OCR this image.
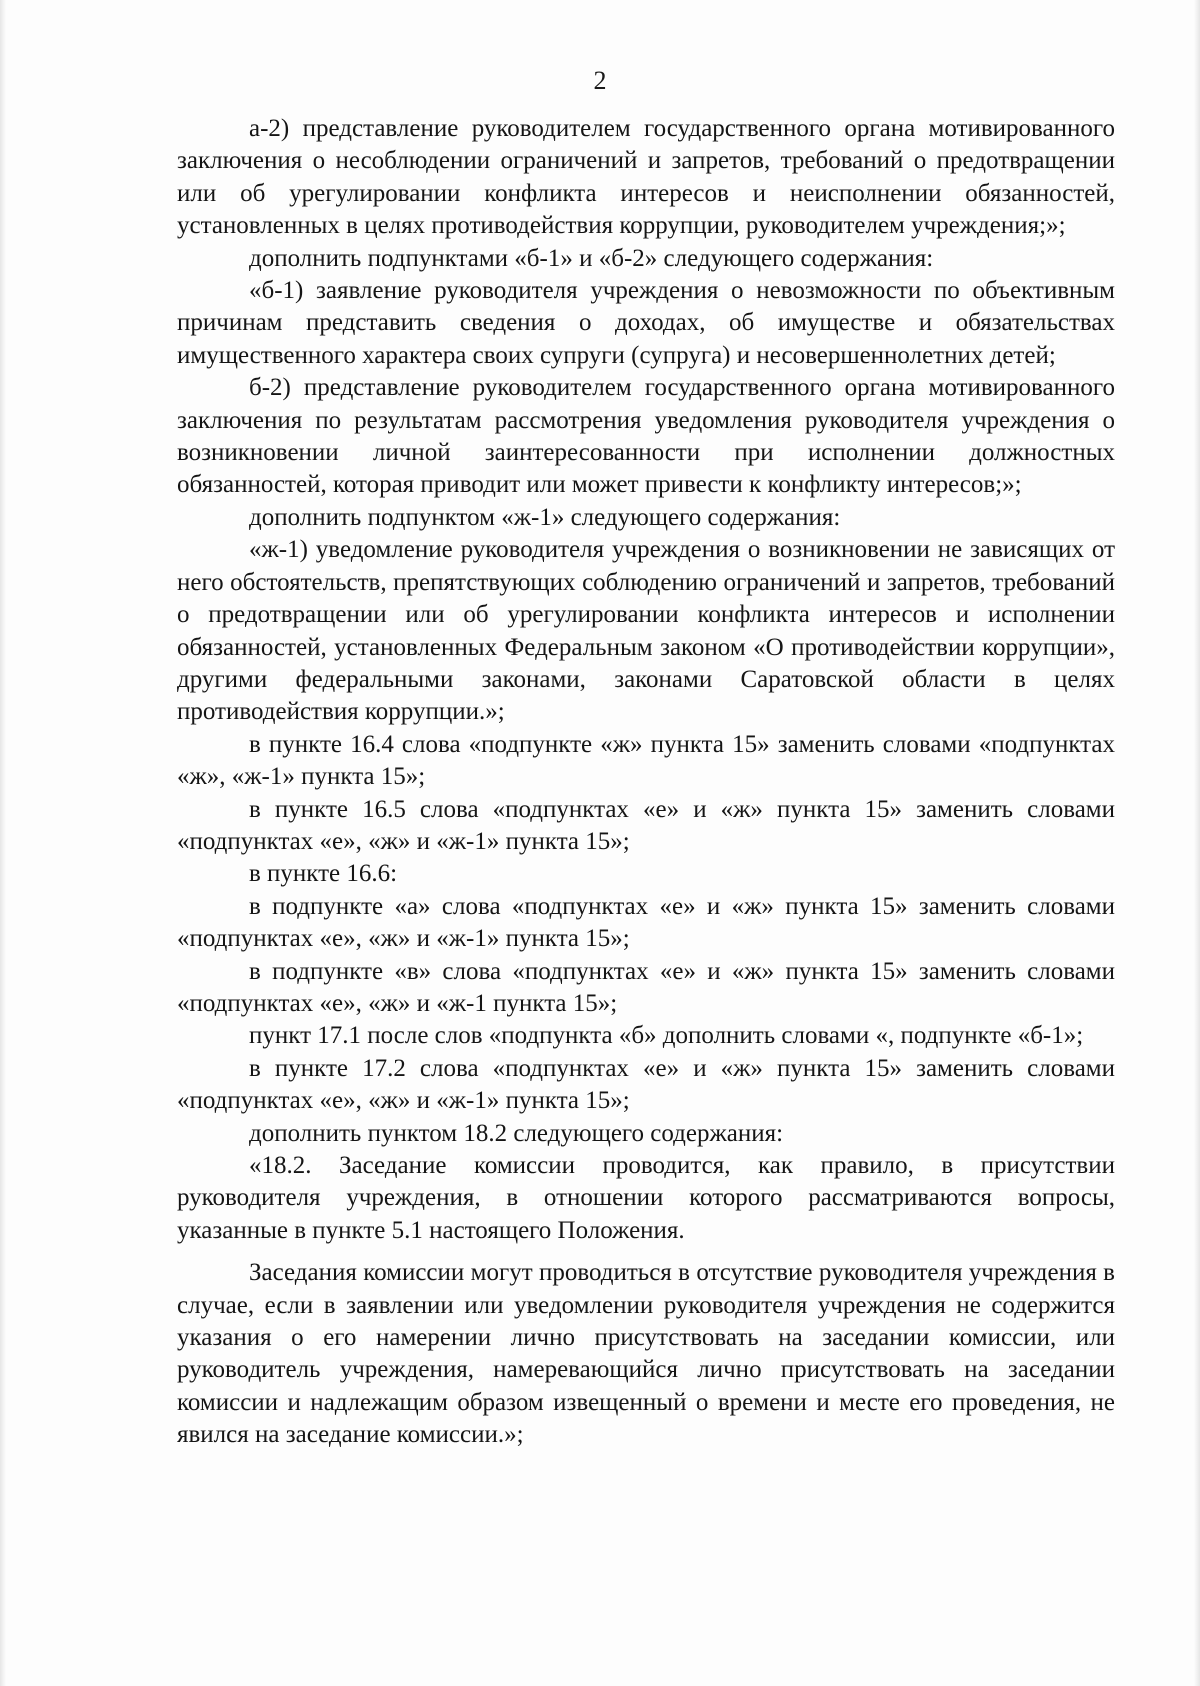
2

а-2) представление руководителем государственного органа мотивированного заключения о несоблюдении ограничений и запретов, требований о предотвращении или об урегулировании конфликта интересов и неисполнении обязанностей, установленных в целях противодействия коррупции, руководителем учреждения;»;

дополнить подпунктами «б-1» и «б-2» следующего содержания:

«б-1) заявление руководителя учреждения о невозможности по объективным причинам представить сведения о доходах, об имуществе и обязательствах имущественного характера своих супруги (супруга) и несовершеннолетних детей;

б-2) представление руководителем государственного органа мотивированного заключения по результатам рассмотрения уведомления руководителя учреждения о возникновении личной заинтересованности при исполнении должностных обязанностей, которая приводит или может привести к конфликту интересов;»;

дополнить подпунктом «ж-1» следующего содержания:

«ж-1) уведомление руководителя учреждения о возникновении не зависящих от него обстоятельств, препятствующих соблюдению ограничений и запретов, требований о предотвращении или об урегулировании конфликта интересов и исполнении обязанностей, установленных Федеральным законом «О противодействии коррупции», другими федеральными законами, законами Саратовской области в целях противодействия коррупции.»;

в пункте 16.4 слова «подпункте «ж» пункта 15» заменить словами «подпунктах «ж», «ж-1» пункта 15»;

в пункте 16.5 слова «подпунктах «е» и «ж» пункта 15» заменить словами «подпунктах «е», «ж» и «ж-1» пункта 15»;

в пункте 16.6:

в подпункте «а» слова «подпунктах «е» и «ж» пункта 15» заменить словами «подпунктах «е», «ж» и «ж-1» пункта 15»;

в подпункте «в» слова «подпунктах «е» и «ж» пункта 15» заменить словами «подпунктах «е», «ж» и «ж-1 пункта 15»;

пункт 17.1 после слов «подпункта «б» дополнить словами «, подпункте «б-1»;

в пункте 17.2 слова «подпунктах «е» и «ж» пункта 15» заменить словами «подпунктах «е», «ж» и «ж-1» пункта 15»;

дополнить пунктом 18.2 следующего содержания:

«18.2. Заседание комиссии проводится, как правило, в присутствии руководителя учреждения, в отношении которого рассматриваются вопросы, указанные в пункте 5.1 настоящего Положения.

Заседания комиссии могут проводиться в отсутствие руководителя учреждения в случае, если в заявлении или уведомлении руководителя учреждения не содержится указания о его намерении лично присутствовать на заседании комиссии, или руководитель учреждения, намеревающийся лично присутствовать на заседании комиссии и надлежащим образом извещенный о времени и месте его проведения, не явился на заседание комиссии.»;
